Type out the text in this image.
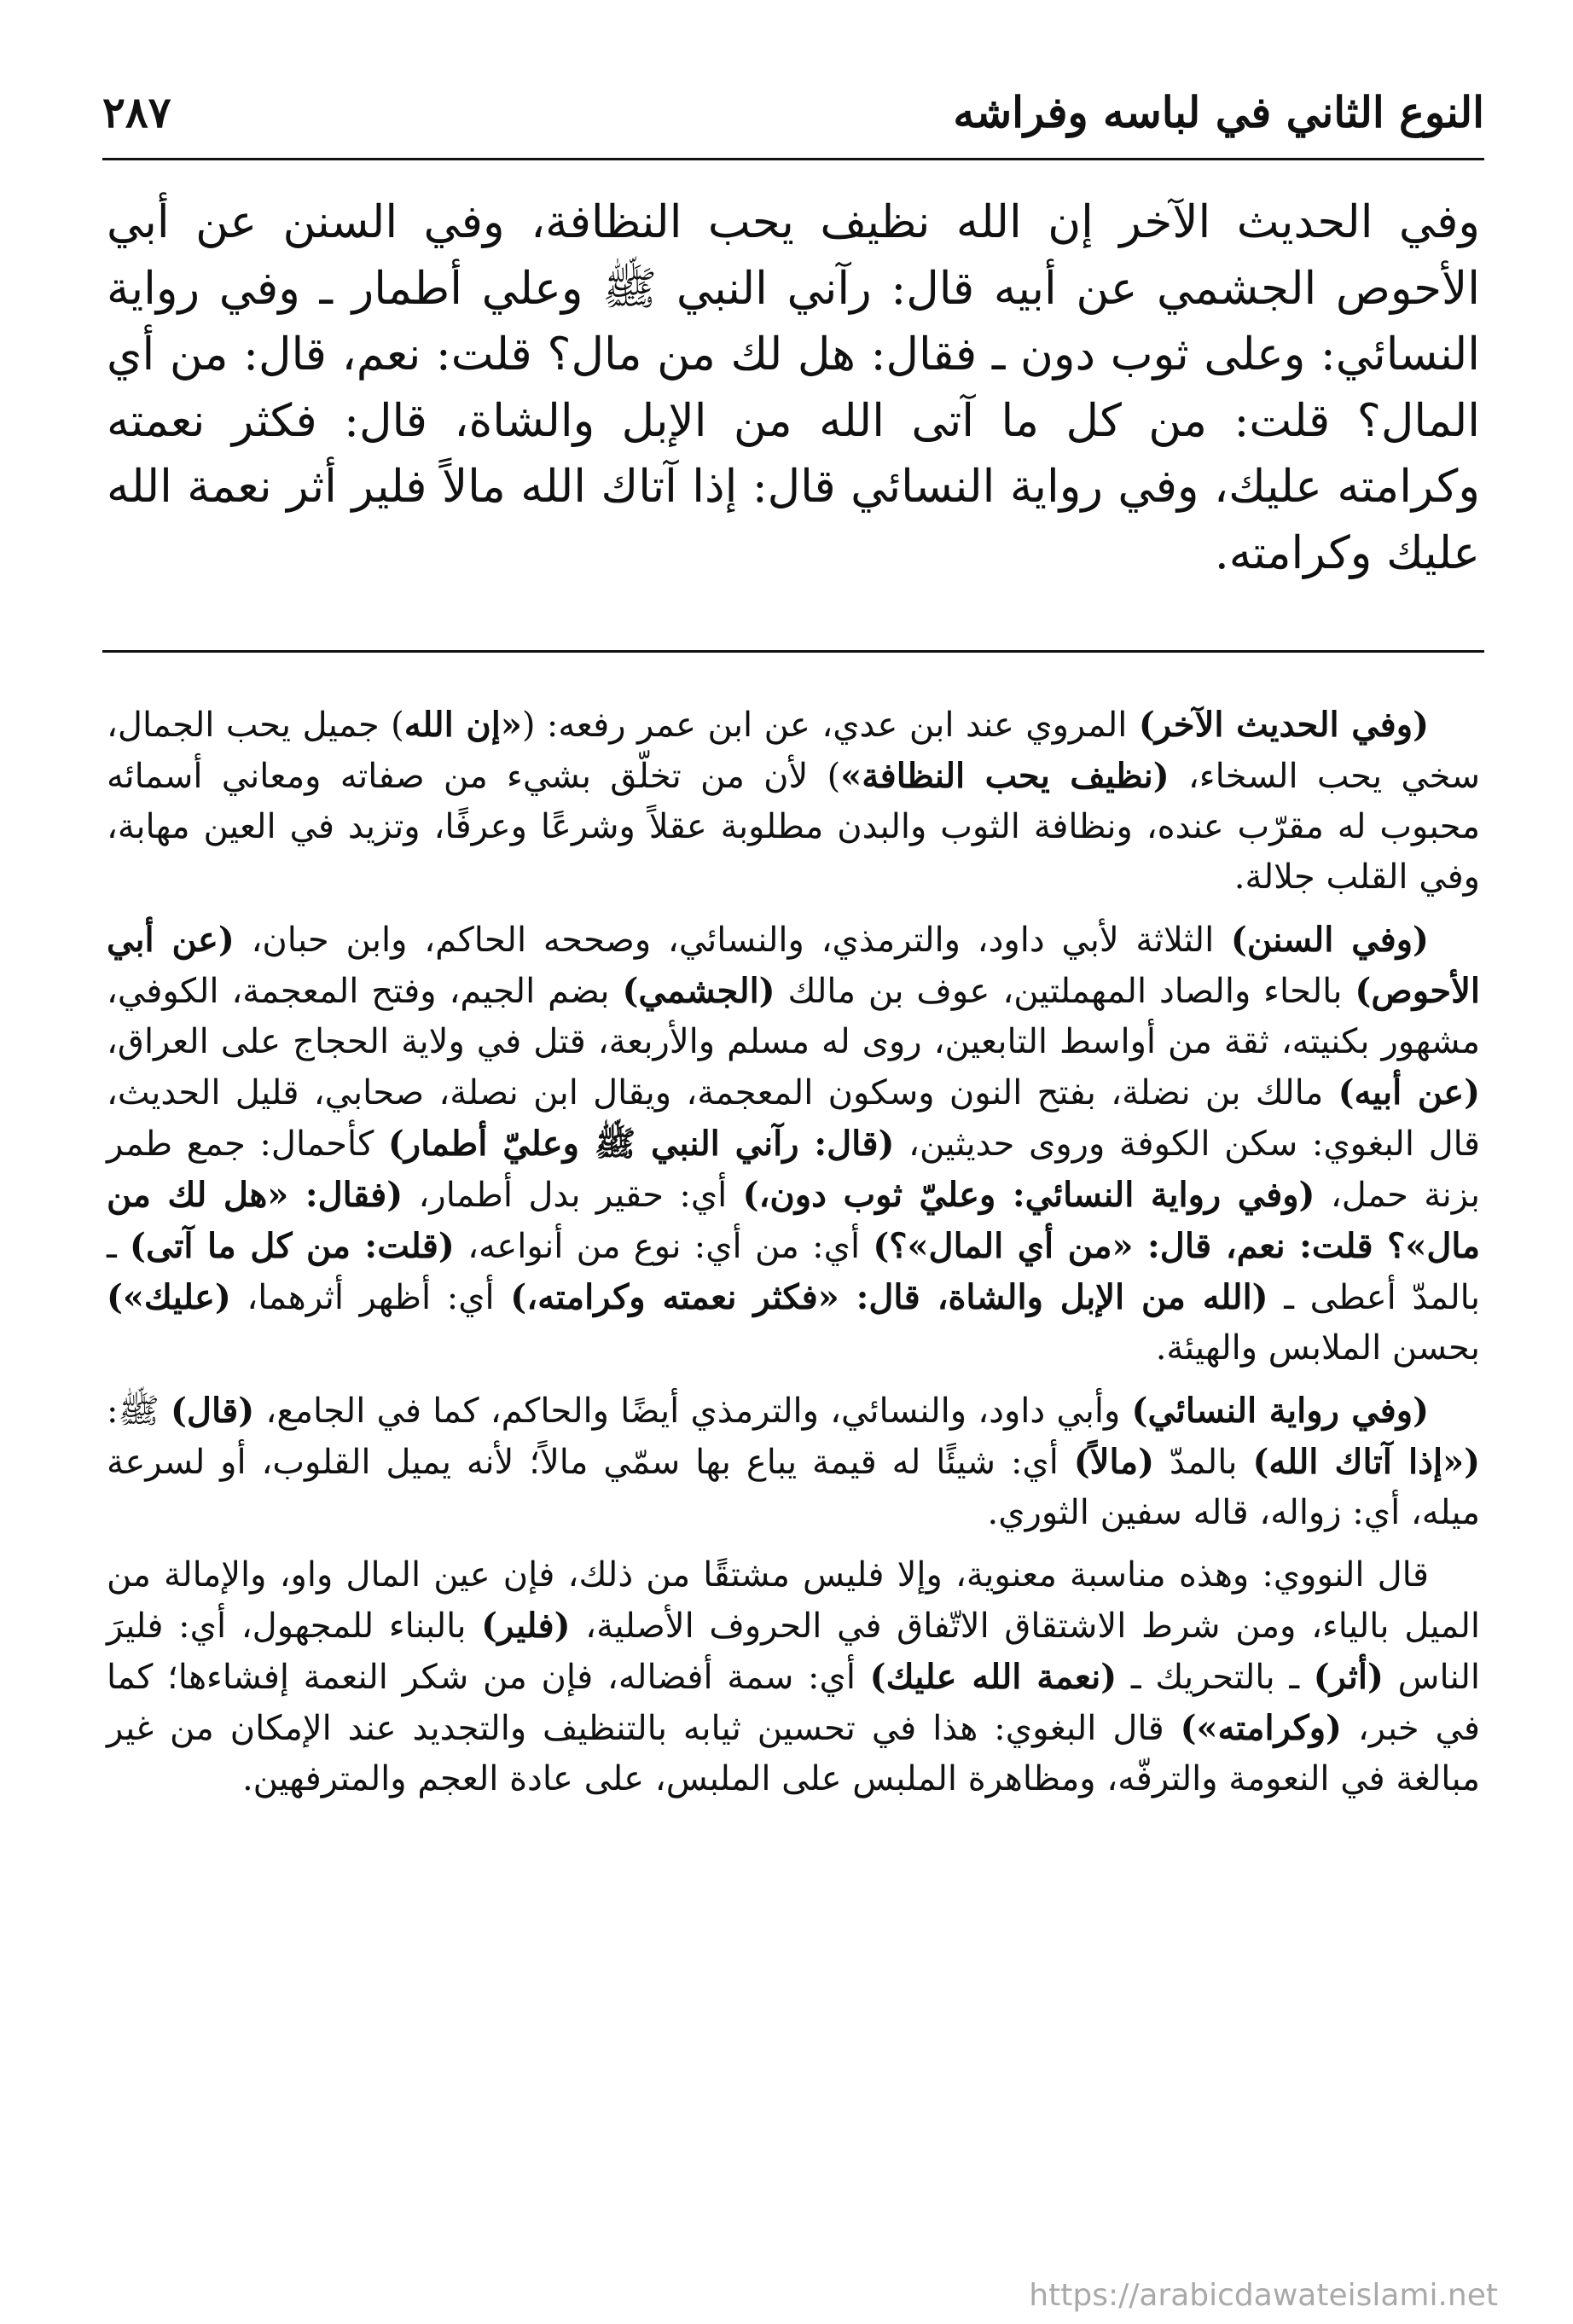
النوع الثاني في لباسه وفراشه
٢٨٧
وفي الحديث الآخر إن الله نظيف يحب النظافة، وفي السنن عن أبي الأحوص الجشمي عن أبيه قال: رآني النبي ﷺ وعلي أطمار ـ وفي رواية النسائي: وعلى ثوب دون ـ فقال: هل لك من مال؟ قلت: نعم، قال: من أي المال؟ قلت: من كل ما آتى الله من الإبل والشاة، قال: فكثر نعمته وكرامته عليك، وفي رواية النسائي قال: إذا آتاك الله مالاً فلير أثر نعمة الله عليك وكرامته.

(وفي الحديث الآخر) المروي عند ابن عدي، عن ابن عمر رفعه: («إن الله) جميل يحب الجمال، سخي يحب السخاء، (نظيف يحب النظافة») لأن من تخلّق بشيء من صفاته ومعاني أسمائه محبوب له مقرّب عنده، ونظافة الثوب والبدن مطلوبة عقلاً وشرعًا وعرفًا، وتزيد في العين مهابة، وفي القلب جلالة.

(وفي السنن) الثلاثة لأبي داود، والترمذي، والنسائي، وصححه الحاكم، وابن حبان، (عن أبي الأحوص) بالحاء والصاد المهملتين، عوف بن مالك (الجشمي) بضم الجيم، وفتح المعجمة، الكوفي، مشهور بكنيته، ثقة من أواسط التابعين، روى له مسلم والأربعة، قتل في ولاية الحجاج على العراق، (عن أبيه) مالك بن نضلة، بفتح النون وسكون المعجمة، ويقال ابن نصلة، صحابي، قليل الحديث، قال البغوي: سكن الكوفة وروى حديثين، (قال: رآني النبي ﷺ وعليّ أطمار) كأحمال: جمع طمر بزنة حمل، (وفي رواية النسائي: وعليّ ثوب دون،) أي: حقير بدل أطمار، (فقال: «هل لك من مال»؟ قلت: نعم، قال: «من أي المال»؟) أي: من أي: نوع من أنواعه، (قلت: من كل ما آتى) ـ بالمدّ أعطى ـ (الله من الإبل والشاة، قال: «فكثر نعمته وكرامته،) أي: أظهر أثرهما، (عليك») بحسن الملابس والهيئة.

(وفي رواية النسائي) وأبي داود، والنسائي، والترمذي أيضًا والحاكم، كما في الجامع، (قال) ﷺ: («إذا آتاك الله) بالمدّ (مالاً) أي: شيئًا له قيمة يباع بها سمّي مالاً؛ لأنه يميل القلوب، أو لسرعة ميله، أي: زواله، قاله سفين الثوري.

قال النووي: وهذه مناسبة معنوية، وإلا فليس مشتقًا من ذلك، فإن عين المال واو، والإمالة من الميل بالياء، ومن شرط الاشتقاق الاتّفاق في الحروف الأصلية، (فلير) بالبناء للمجهول، أي: فليرَ الناس (أثر) ـ بالتحريك ـ (نعمة الله عليك) أي: سمة أفضاله، فإن من شكر النعمة إفشاءها؛ كما في خبر، (وكرامته») قال البغوي: هذا في تحسين ثيابه بالتنظيف والتجديد عند الإمكان من غير مبالغة في النعومة والترفّه، ومظاهرة الملبس على الملبس، على عادة العجم والمترفهين.

https://arabicdawateislami.net
